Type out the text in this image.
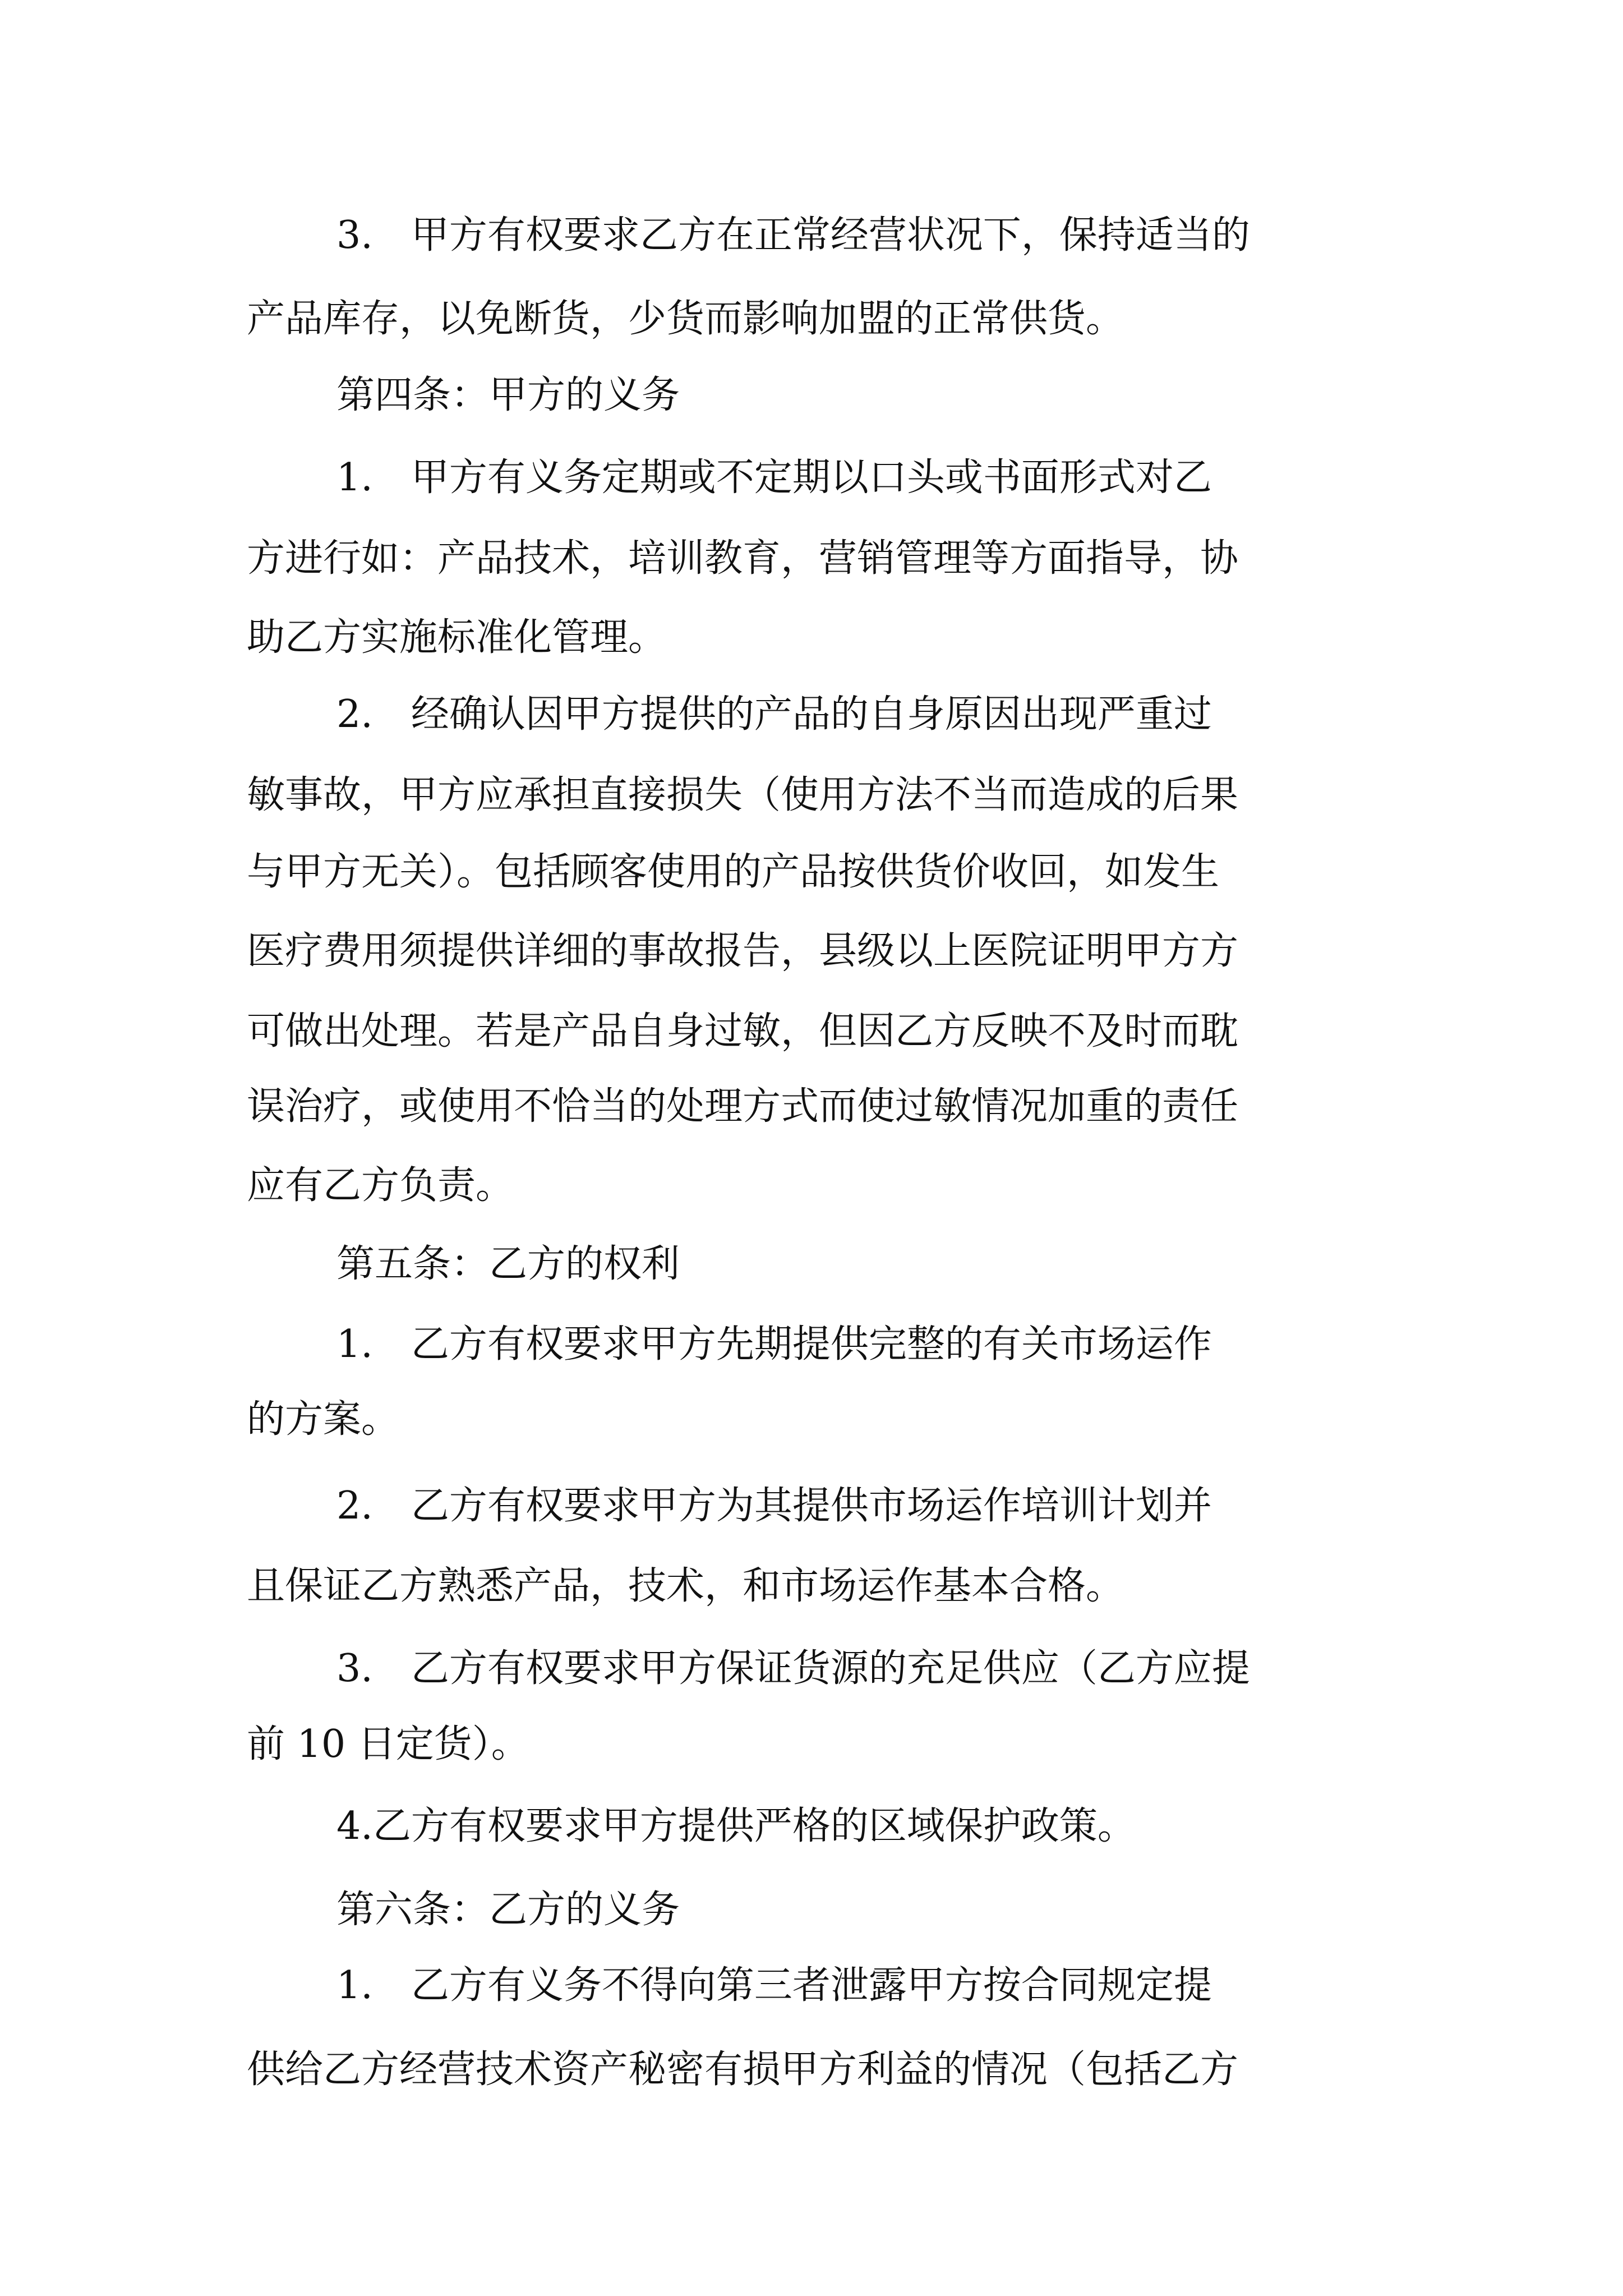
3.　甲方有权要求乙方在正常经营状况下，保持适当的
产品库存，以免断货，少货而影响加盟的正常供货。
第四条：甲方的义务
1.　甲方有义务定期或不定期以口头或书面形式对乙
方进行如：产品技术，培训教育，营销管理等方面指导，协
助乙方实施标准化管理。
2.　经确认因甲方提供的产品的自身原因出现严重过
敏事故，甲方应承担直接损失（使用方法不当而造成的后果
与甲方无关）。包括顾客使用的产品按供货价收回，如发生
医疗费用须提供详细的事故报告，县级以上医院证明甲方方
可做出处理。若是产品自身过敏，但因乙方反映不及时而耽
误治疗，或使用不恰当的处理方式而使过敏情况加重的责任
应有乙方负责。
第五条：乙方的权利
1.　乙方有权要求甲方先期提供完整的有关市场运作
的方案。
2.　乙方有权要求甲方为其提供市场运作培训计划并
且保证乙方熟悉产品，技术，和市场运作基本合格。
3.　乙方有权要求甲方保证货源的充足供应（乙方应提
前 10 日定货）。
4.乙方有权要求甲方提供严格的区域保护政策。
第六条：乙方的义务
1.　乙方有义务不得向第三者泄露甲方按合同规定提
供给乙方经营技术资产秘密有损甲方利益的情况（包括乙方
